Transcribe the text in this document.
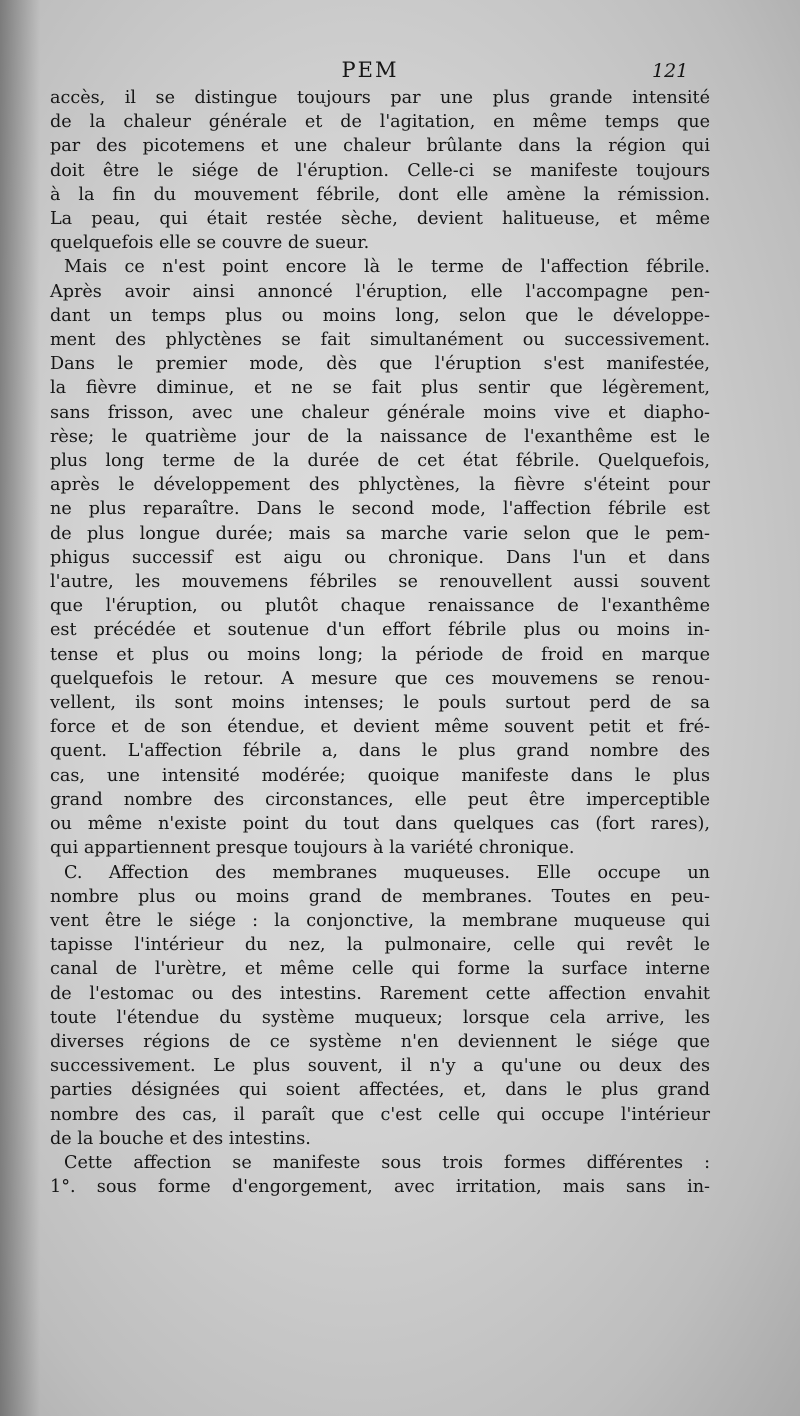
PEM	121
accès, il se distingue toujours par une plus grande intensité
de la chaleur générale et de l'agitation, en même temps que
par des picotemens et une chaleur brûlante dans la région qui
doit être le siége de l'éruption. Celle-ci se manifeste toujours
à la fin du mouvement fébrile, dont elle amène la rémission.
La peau, qui était restée sèche, devient halitueuse, et même
quelquefois elle se couvre de sueur.
Mais ce n'est point encore là le terme de l'affection fébrile.
Après avoir ainsi annoncé l'éruption, elle l'accompagne pen-
dant un temps plus ou moins long, selon que le développe-
ment des phlyctènes se fait simultanément ou successivement.
Dans le premier mode, dès que l'éruption s'est manifestée,
la fièvre diminue, et ne se fait plus sentir que légèrement,
sans frisson, avec une chaleur générale moins vive et diapho-
rèse; le quatrième jour de la naissance de l'exanthême est le
plus long terme de la durée de cet état fébrile. Quelquefois,
après le développement des phlyctènes, la fièvre s'éteint pour
ne plus reparaître. Dans le second mode, l'affection fébrile est
de plus longue durée; mais sa marche varie selon que le pem-
phigus successif est aigu ou chronique. Dans l'un et dans
l'autre, les mouvemens fébriles se renouvellent aussi souvent
que l'éruption, ou plutôt chaque renaissance de l'exanthême
est précédée et soutenue d'un effort fébrile plus ou moins in-
tense et plus ou moins long; la période de froid en marque
quelquefois le retour. A mesure que ces mouvemens se renou-
vellent, ils sont moins intenses; le pouls surtout perd de sa
force et de son étendue, et devient même souvent petit et fré-
quent. L'affection fébrile a, dans le plus grand nombre des
cas, une intensité modérée; quoique manifeste dans le plus
grand nombre des circonstances, elle peut être imperceptible
ou même n'existe point du tout dans quelques cas (fort rares),
qui appartiennent presque toujours à la variété chronique.
C. Affection des membranes muqueuses. Elle occupe un
nombre plus ou moins grand de membranes. Toutes en peu-
vent être le siége : la conjonctive, la membrane muqueuse qui
tapisse l'intérieur du nez, la pulmonaire, celle qui revêt le
canal de l'urètre, et même celle qui forme la surface interne
de l'estomac ou des intestins. Rarement cette affection envahit
toute l'étendue du système muqueux; lorsque cela arrive, les
diverses régions de ce système n'en deviennent le siége que
successivement. Le plus souvent, il n'y a qu'une ou deux des
parties désignées qui soient affectées, et, dans le plus grand
nombre des cas, il paraît que c'est celle qui occupe l'intérieur
de la bouche et des intestins.
Cette affection se manifeste sous trois formes différentes :
1°. sous forme d'engorgement, avec irritation, mais sans in-
